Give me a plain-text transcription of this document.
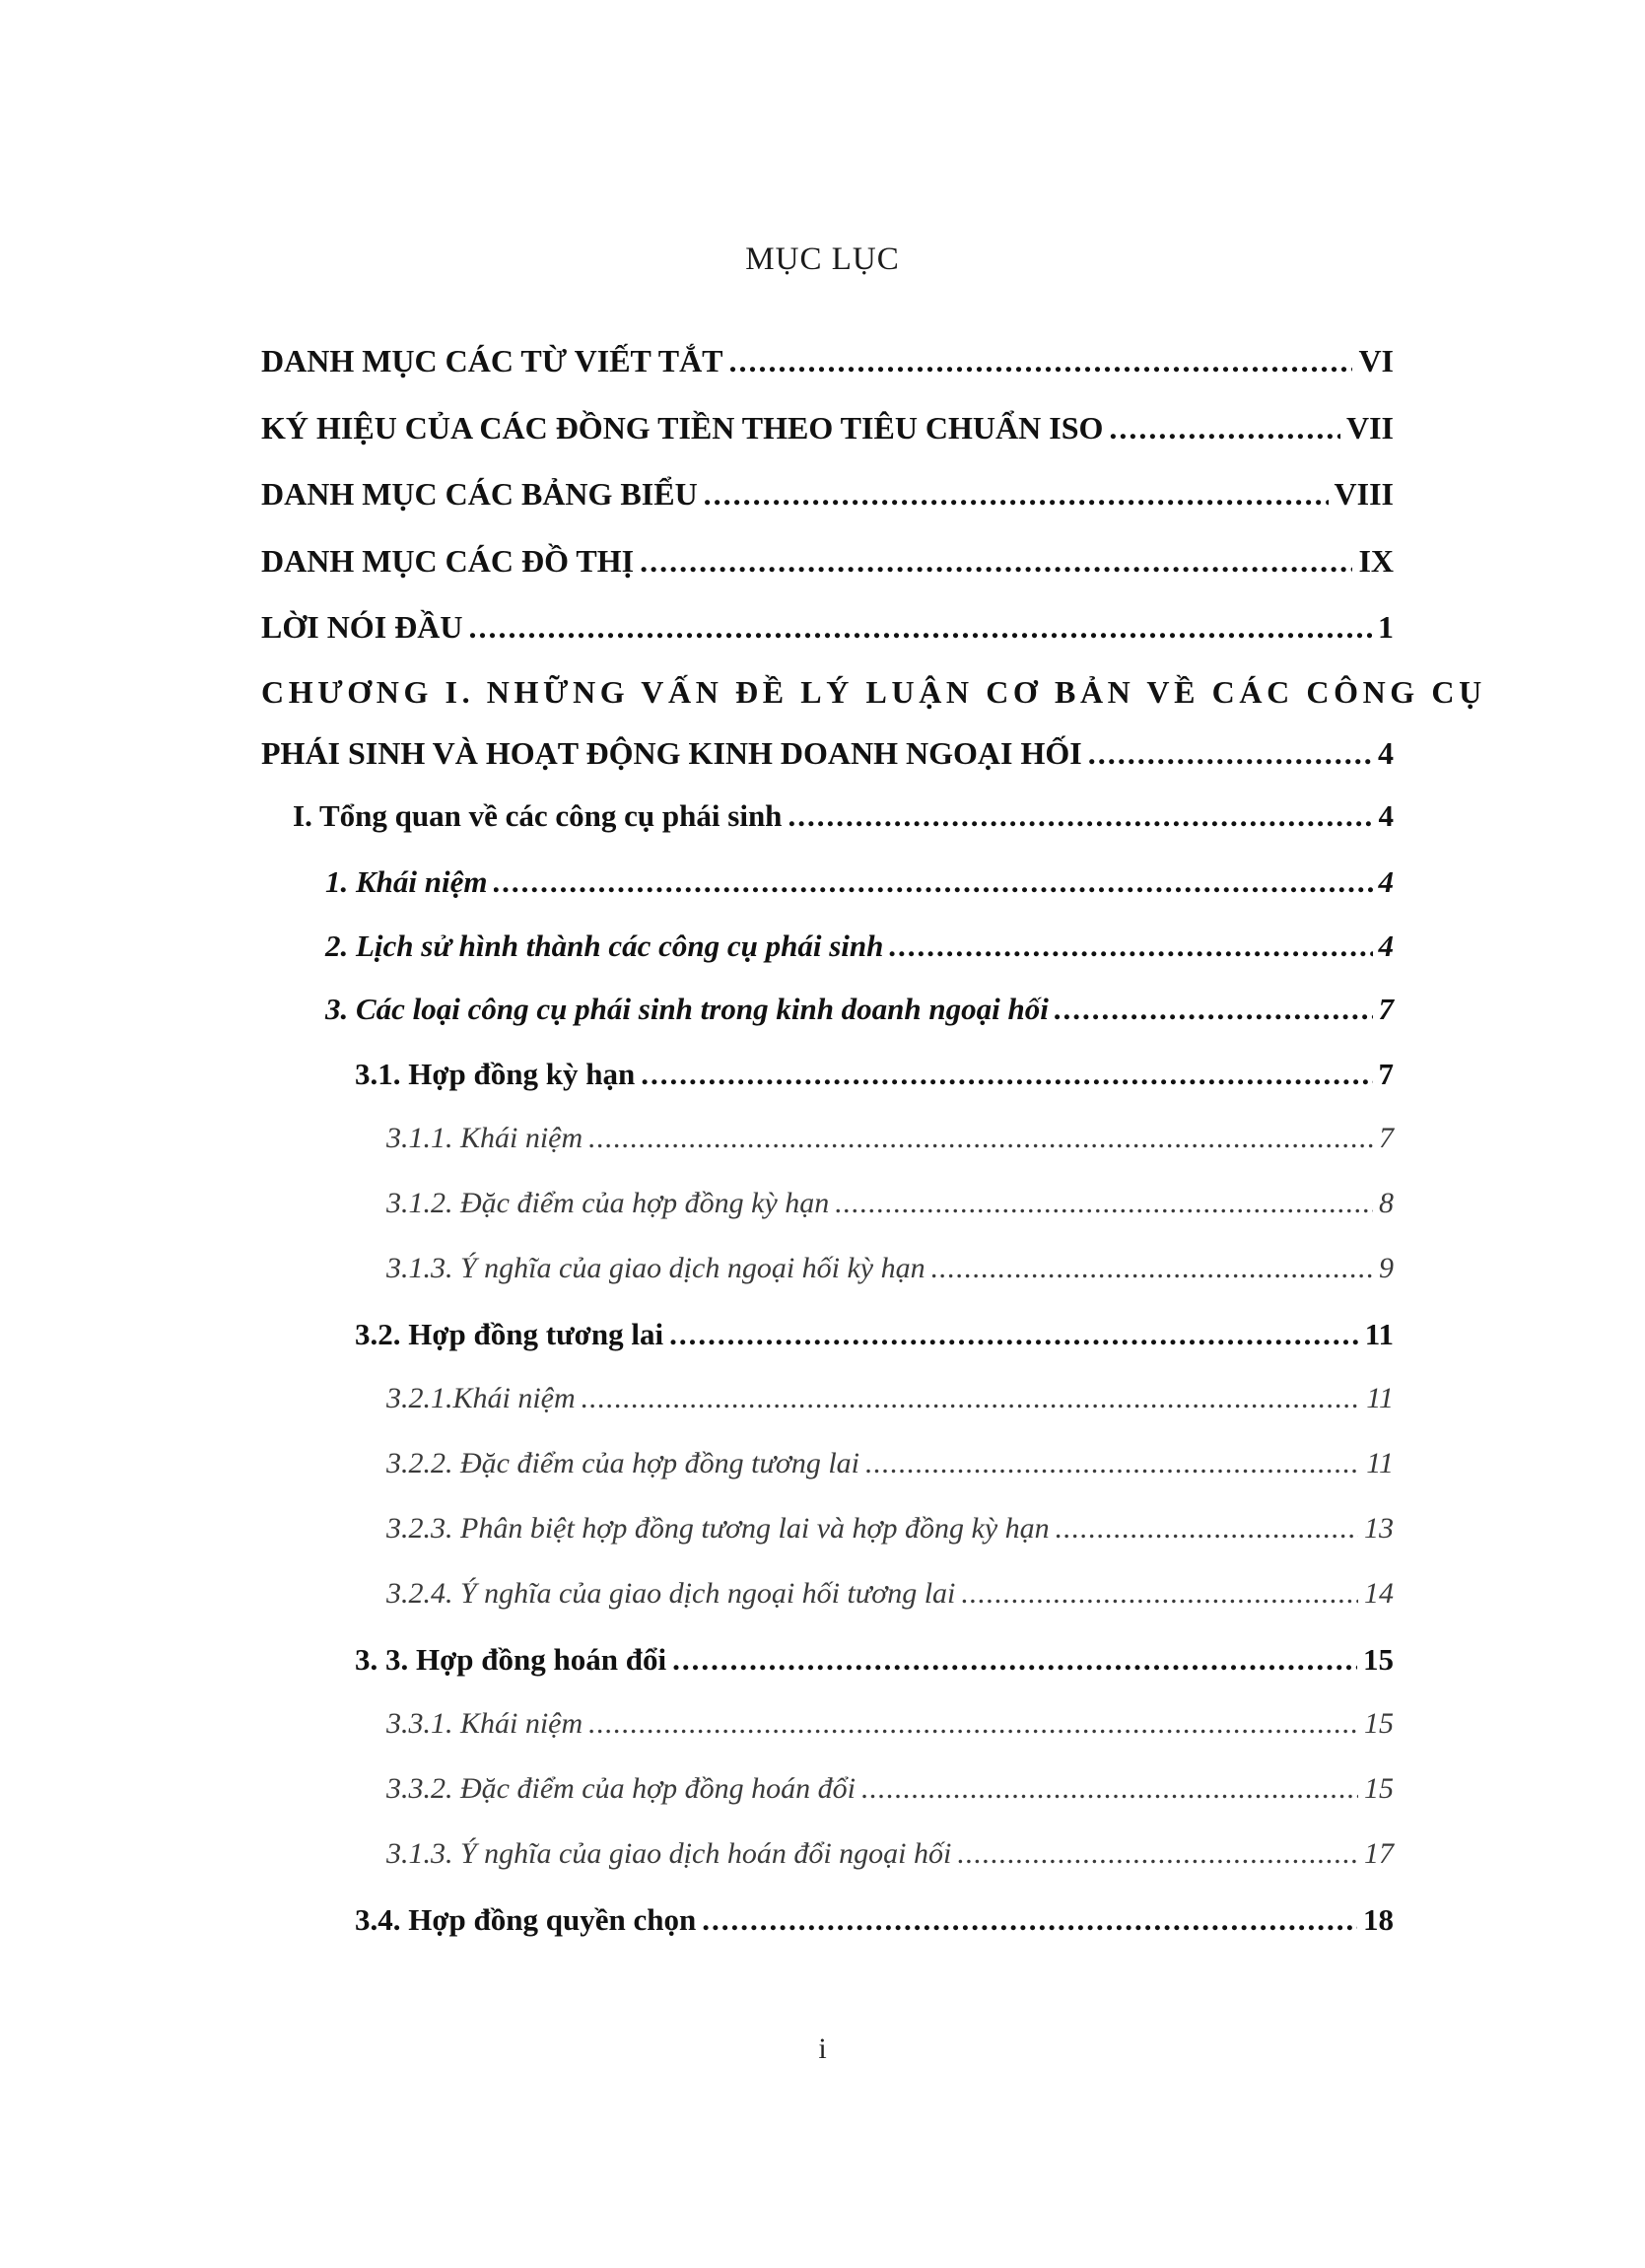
MỤC LỤC
DANH MỤC CÁC TỪ VIẾT TẮT .....	VI
KÝ HIỆU CỦA CÁC ĐỒNG TIỀN THEO TIÊU CHUẨN ISO .....	VII
DANH MỤC CÁC BẢNG BIỂU .....	VIII
DANH MỤC CÁC ĐỒ THỊ .....	IX
LỜI NÓI ĐẦU .....	1
CHƯƠNG I. NHỮNG VẤN ĐỀ LÝ LUẬN CƠ BẢN VỀ CÁC CÔNG CỤ
PHÁI SINH VÀ HOẠT ĐỘNG KINH DOANH NGOẠI HỐI .....	4
I. Tổng quan về các công cụ phái sinh .....	4
1. Khái niệm .....	4
2. Lịch sử hình thành các công cụ phái sinh .....	4
3. Các loại công cụ phái sinh trong kinh doanh ngoại hối .....	7
3.1. Hợp đồng kỳ hạn .....	7
3.1.1. Khái niệm .....	7
3.1.2. Đặc điểm của hợp đồng kỳ hạn .....	8
3.1.3. Ý nghĩa của giao dịch ngoại hối kỳ hạn .....	9
3.2. Hợp đồng tương lai .....	11
3.2.1.Khái niệm .....	11
3.2.2. Đặc điểm của hợp đồng tương lai .....	11
3.2.3. Phân biệt hợp đồng tương lai và hợp đồng kỳ hạn .....	13
3.2.4. Ý nghĩa của giao dịch ngoại hối tương lai .....	14
3. 3. Hợp đồng hoán đổi .....	15
3.3.1. Khái niệm .....	15
3.3.2. Đặc điểm của hợp đồng hoán đổi .....	15
3.1.3. Ý nghĩa của giao dịch hoán đổi ngoại hối .....	17
3.4. Hợp đồng quyền chọn .....	18
i
